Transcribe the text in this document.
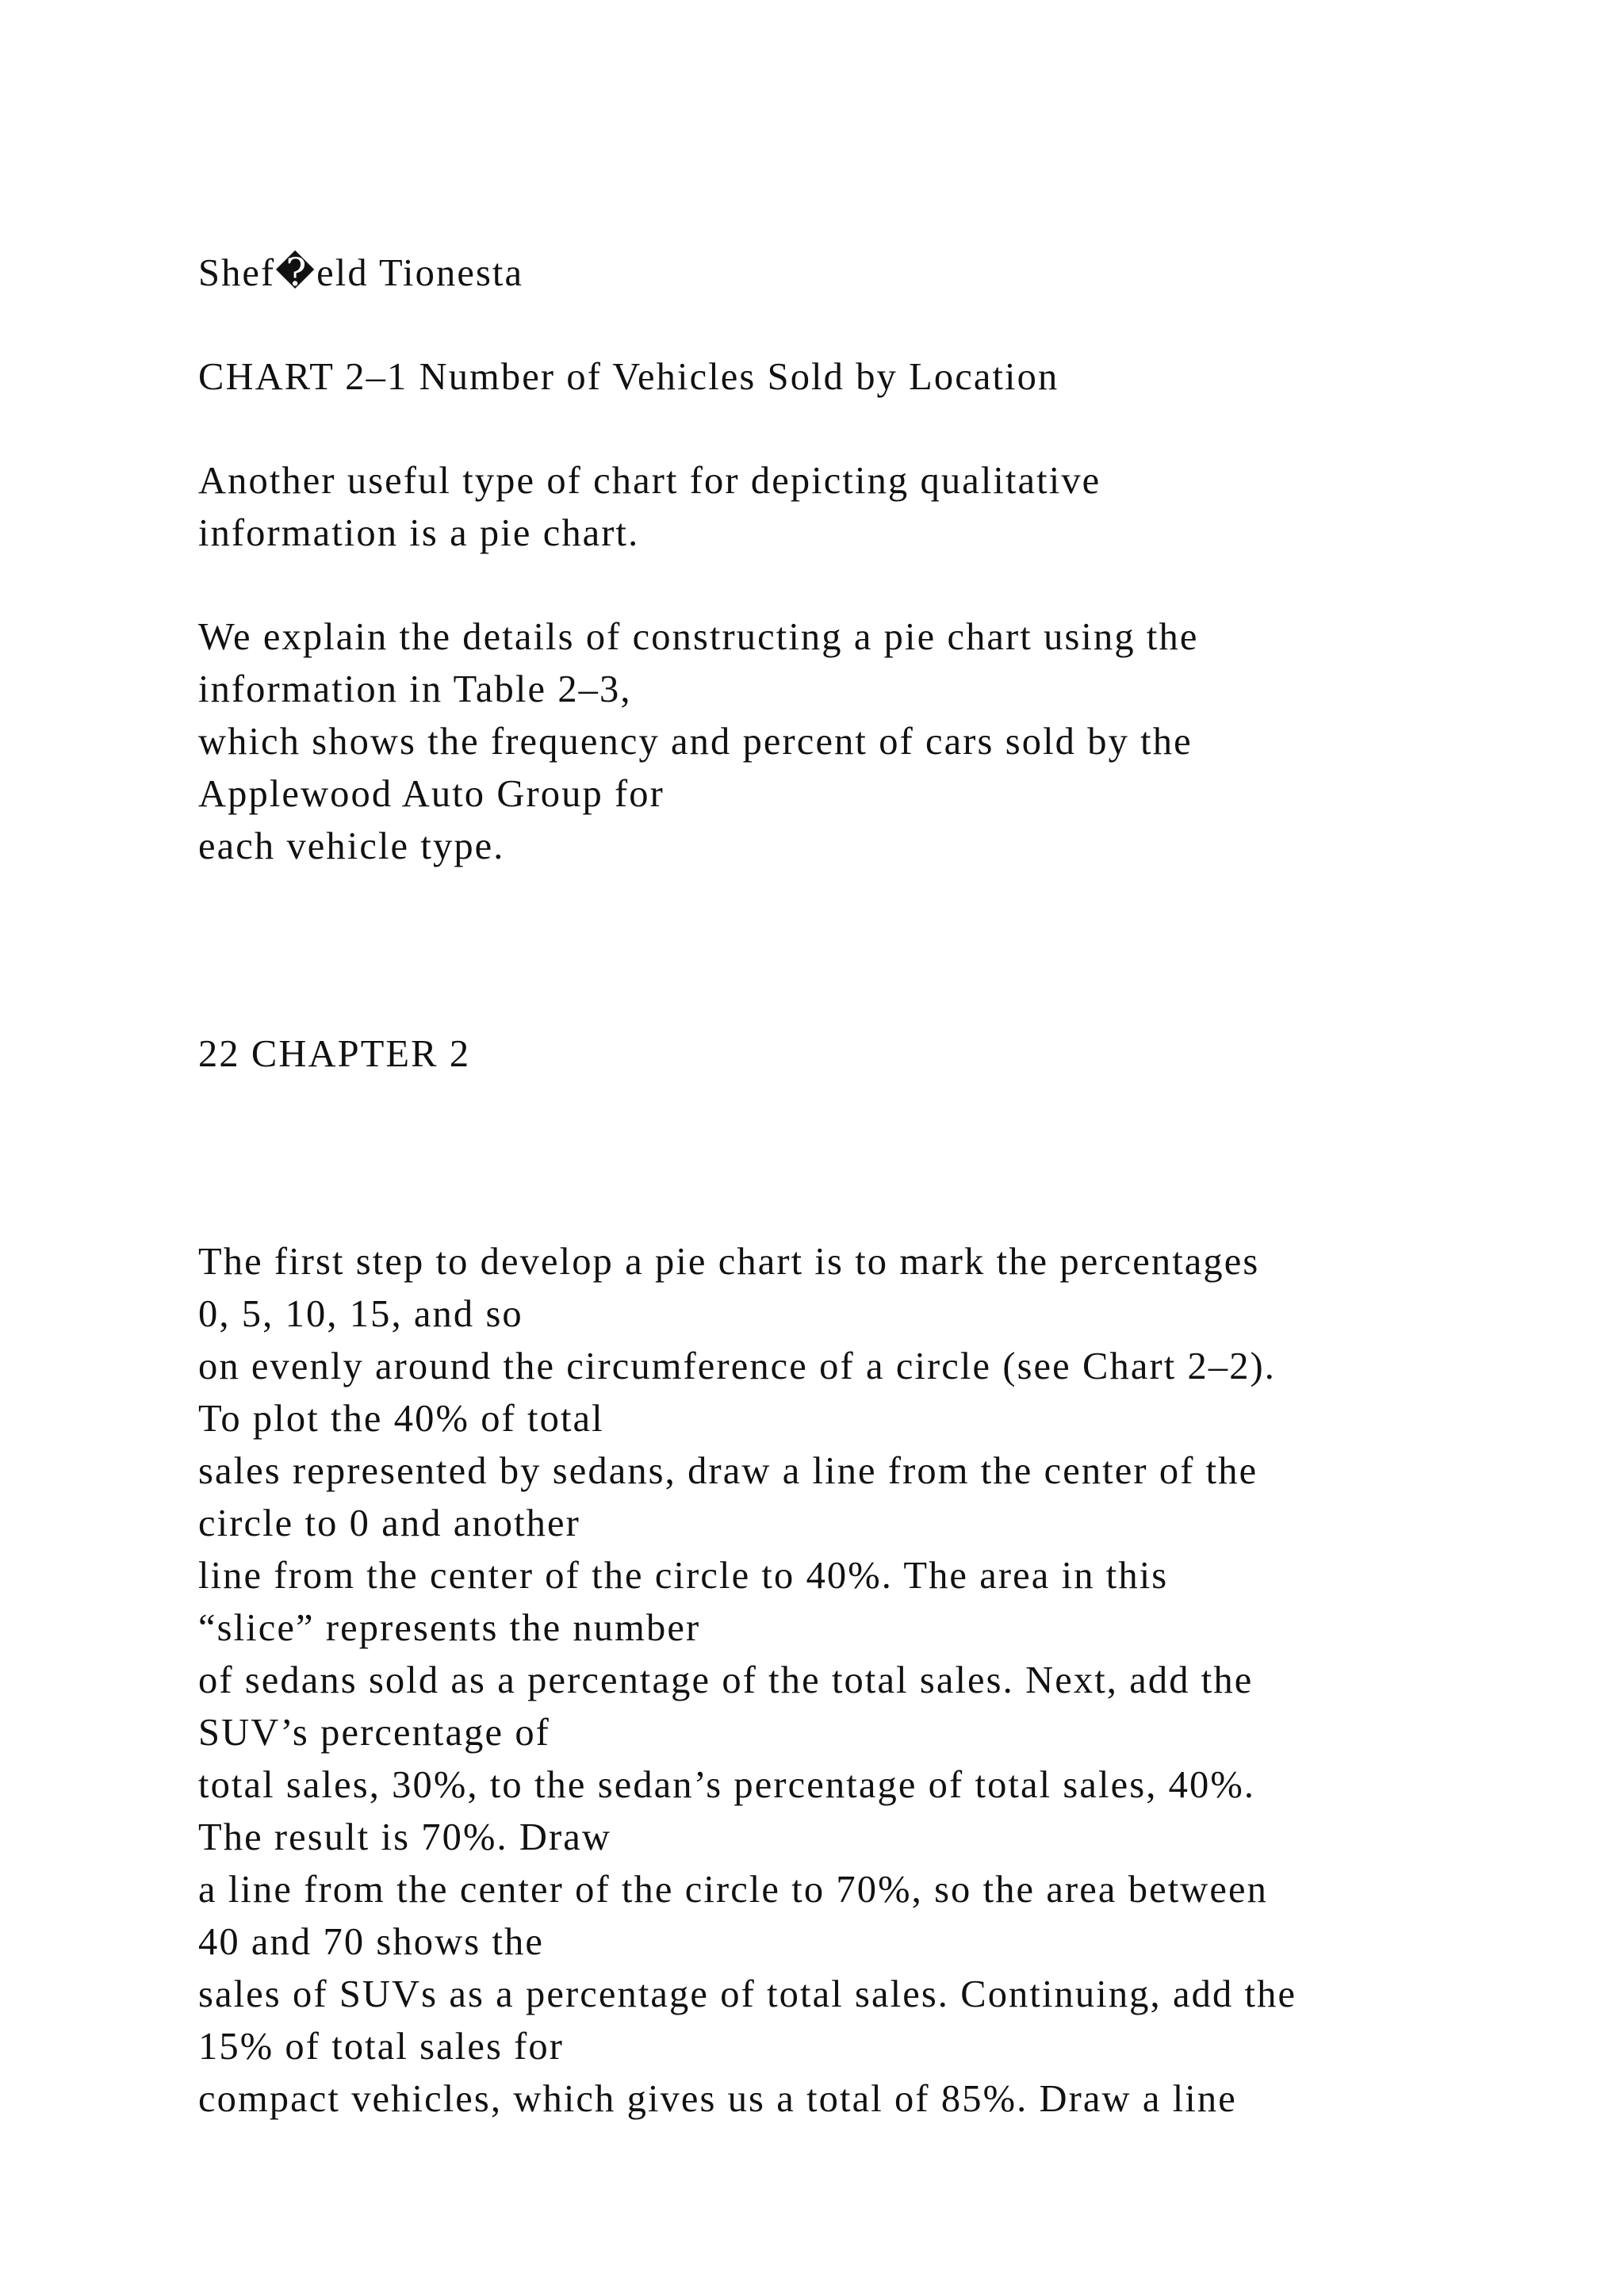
Shef�eld Tionesta

CHART 2–1 Number of Vehicles Sold by Location

Another useful type of chart for depicting qualitative
information is a pie chart.

We explain the details of constructing a pie chart using the
information in Table 2–3,
which shows the frequency and percent of cars sold by the
Applewood Auto Group for
each vehicle type.

22 CHAPTER 2

The first step to develop a pie chart is to mark the percentages
0, 5, 10, 15, and so
on evenly around the circumference of a circle (see Chart 2–2).
To plot the 40% of total
sales represented by sedans, draw a line from the center of the
circle to 0 and another
line from the center of the circle to 40%. The area in this
“slice” represents the number
of sedans sold as a percentage of the total sales. Next, add the
SUV’s percentage of
total sales, 30%, to the sedan’s percentage of total sales, 40%.
The result is 70%. Draw
a line from the center of the circle to 70%, so the area between
40 and 70 shows the
sales of SUVs as a percentage of total sales. Continuing, add the
15% of total sales for
compact vehicles, which gives us a total of 85%. Draw a line
